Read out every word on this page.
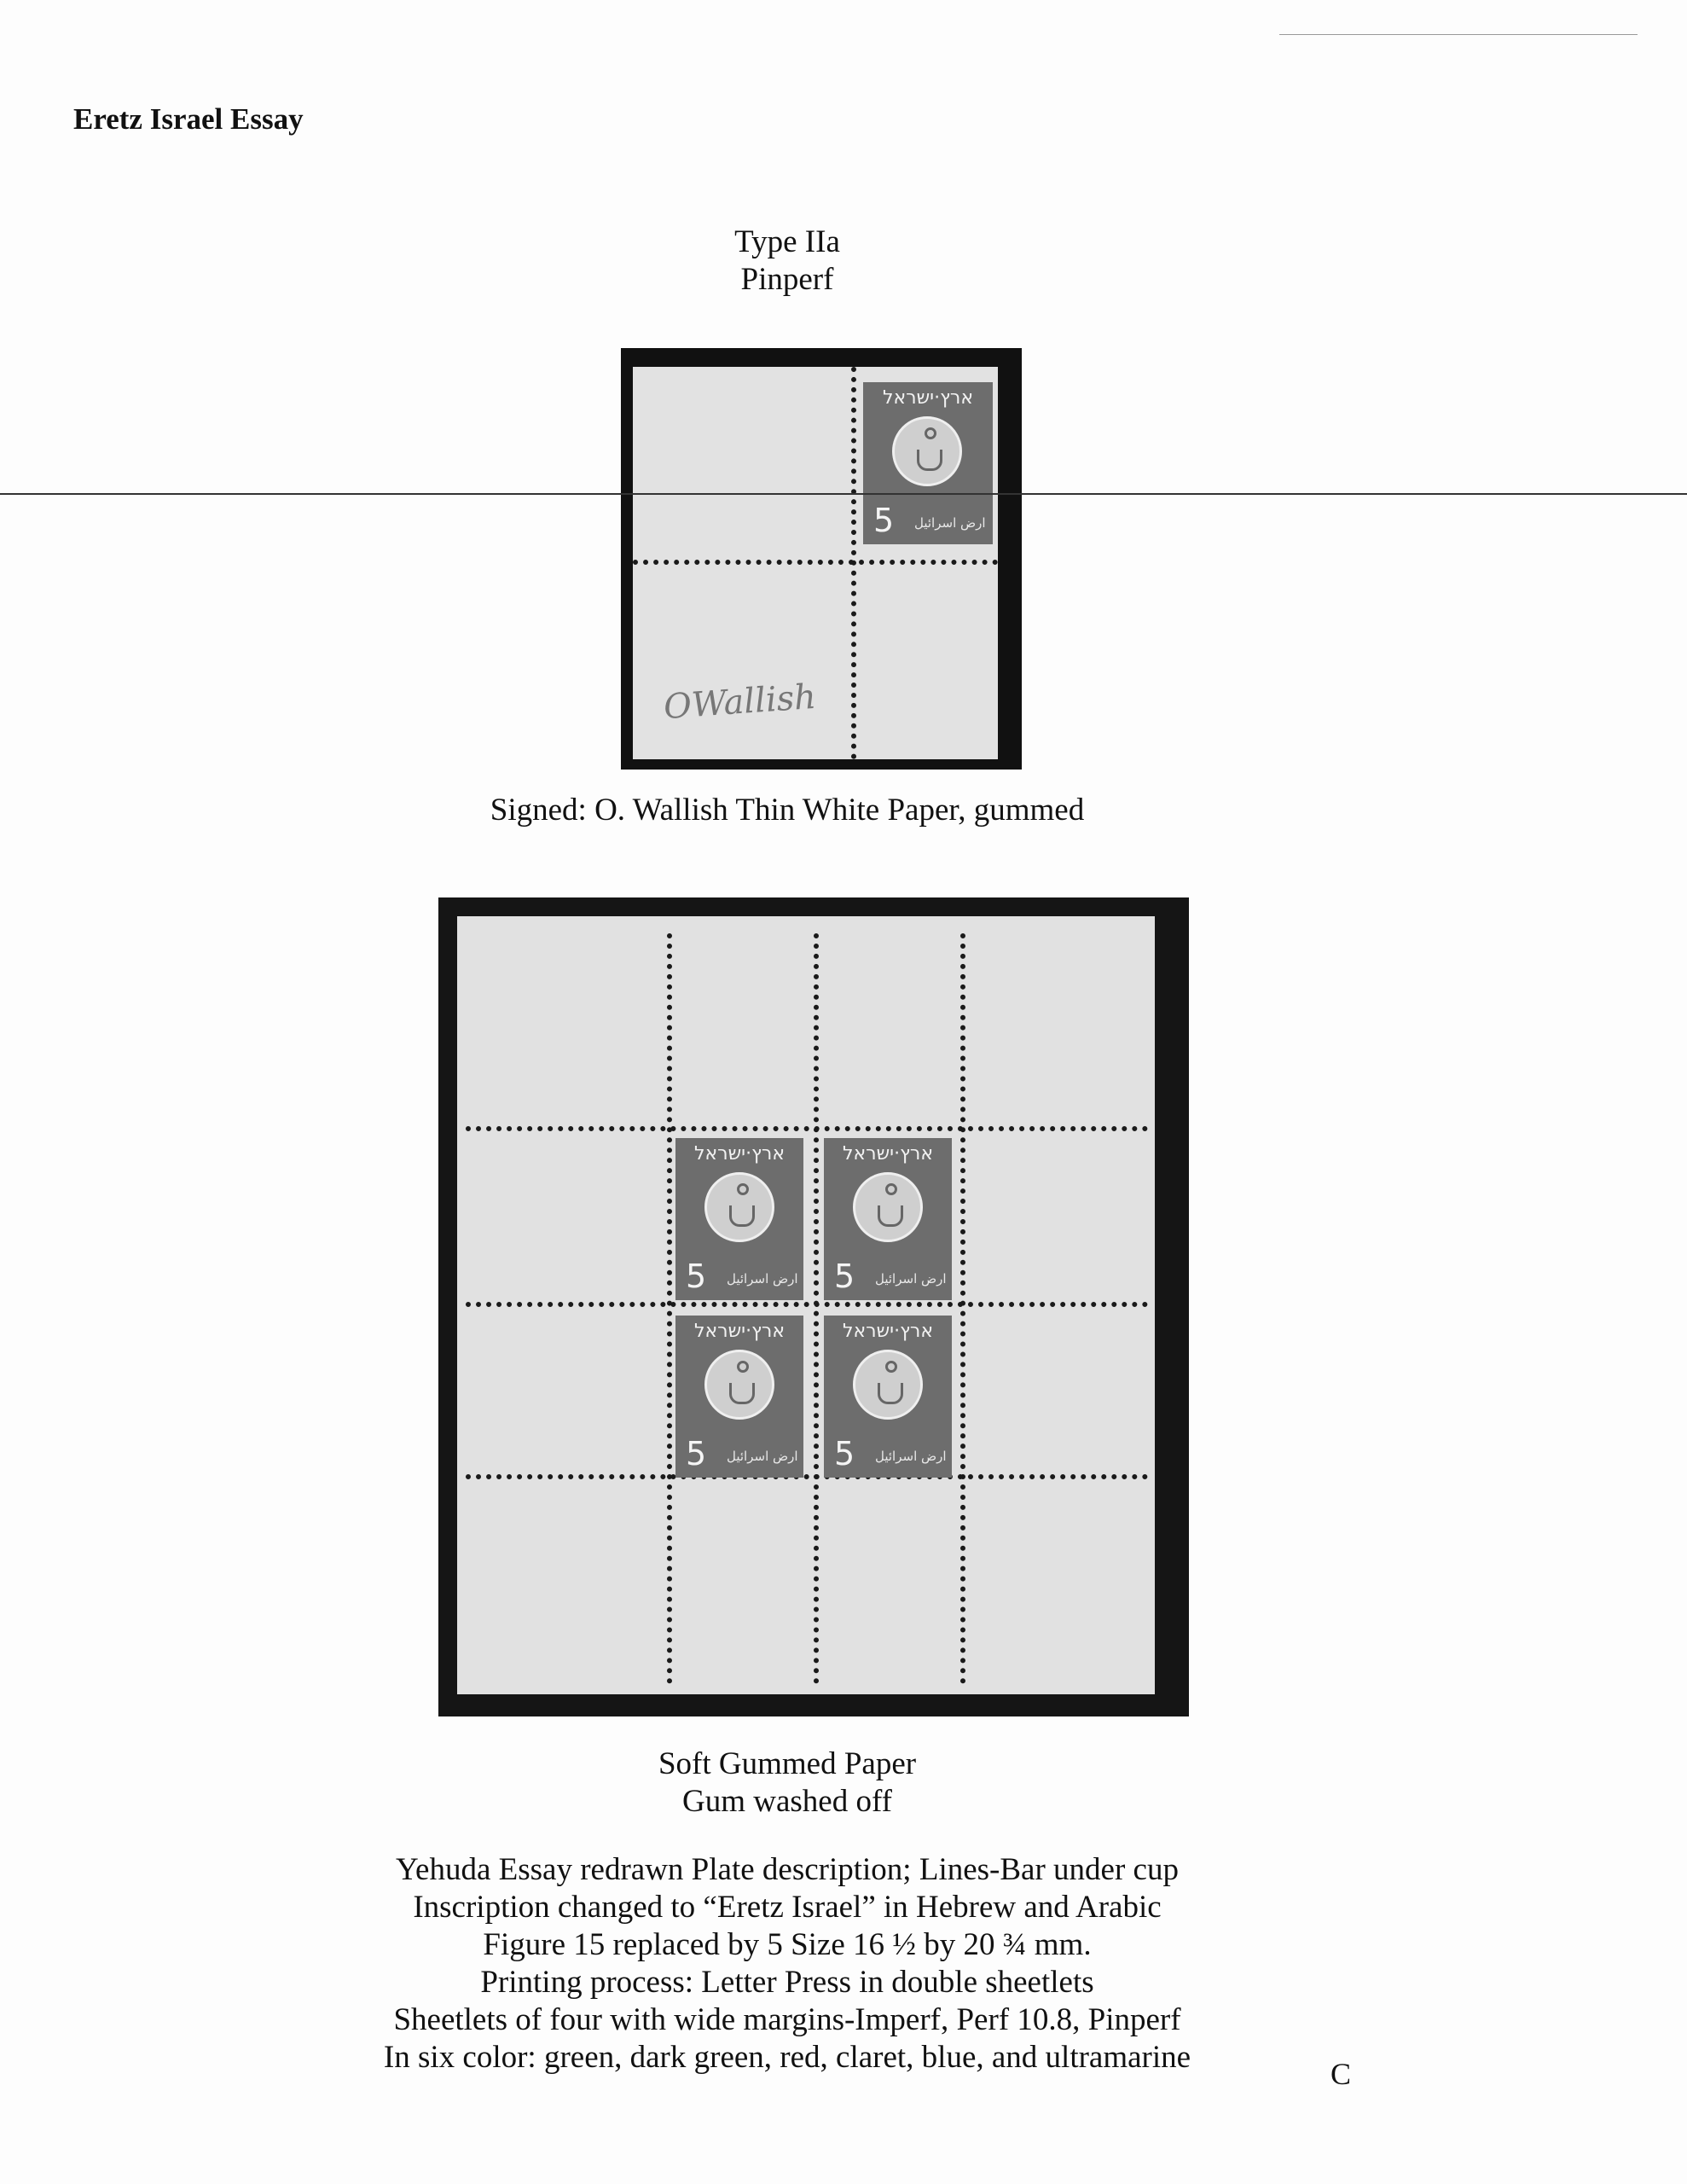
Eretz Israel Essay
Type IIa
Pinperf
ארץ·ישראל
5 ارض اسرائيل
OWallish
Signed: O. Wallish Thin White Paper, gummed
ארץ·ישראל
5 ارض اسرائيل
ארץ·ישראל
5 ارض اسرائيل
ארץ·ישראל
5 ارض اسرائيل
ארץ·ישראל
5 ارض اسرائيل
Soft Gummed Paper
Gum washed off
Yehuda Essay redrawn Plate description; Lines-Bar under cup
Inscription changed to “Eretz Israel” in Hebrew and Arabic
Figure 15 replaced by 5 Size 16 ½ by 20 ¾ mm.
Printing process: Letter Press in double sheetlets
Sheetlets of four with wide margins-Imperf, Perf 10.8, Pinperf
In six color: green, dark green, red, claret, blue, and ultramarine	C
